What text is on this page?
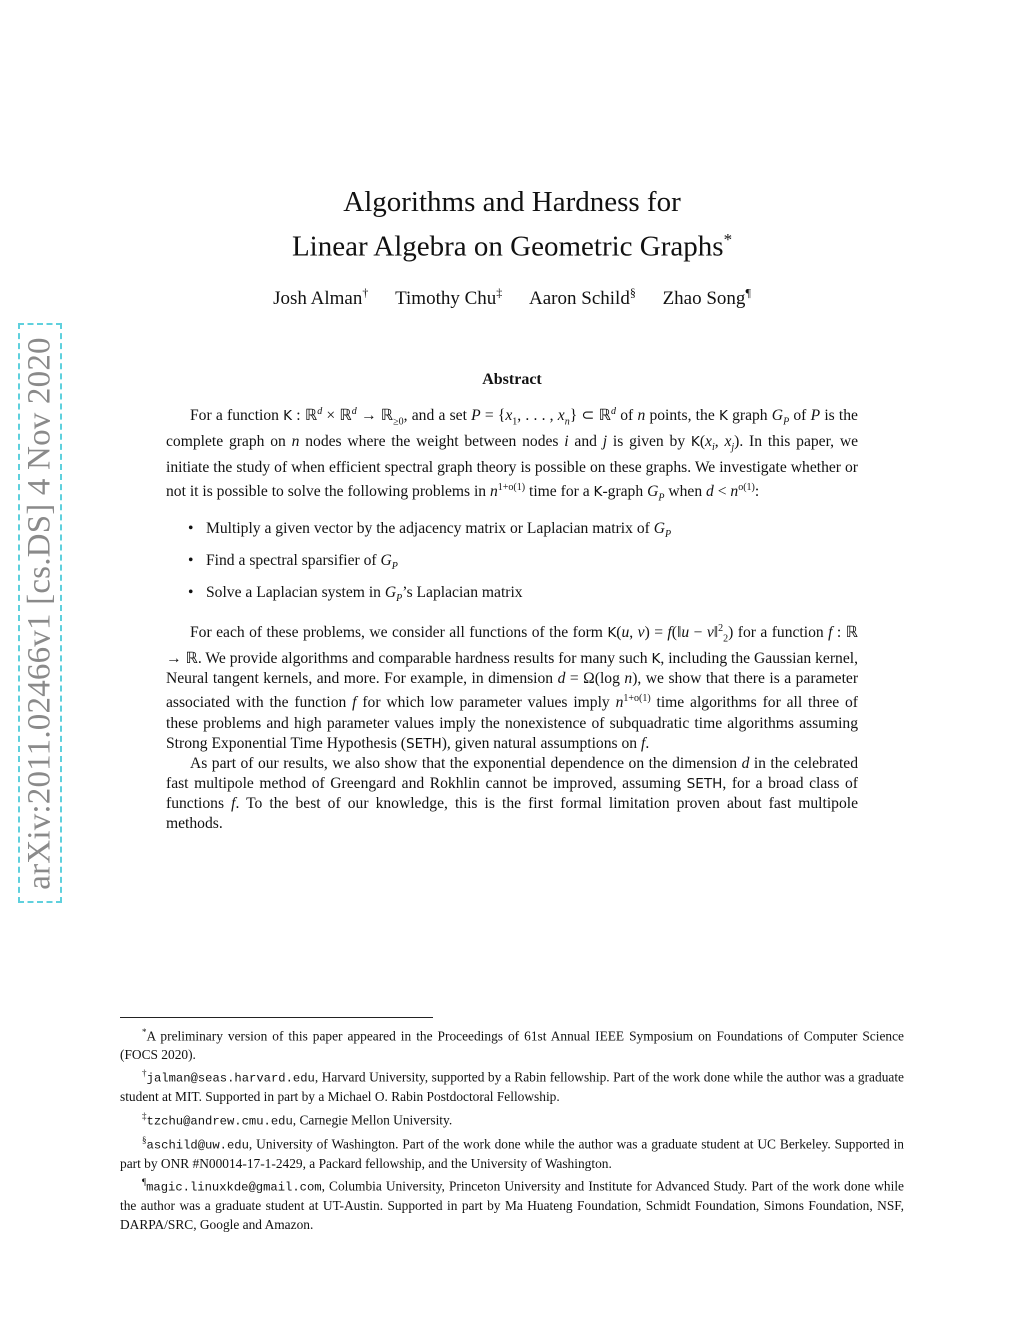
arXiv:2011.02466v1 [cs.DS] 4 Nov 2020
Algorithms and Hardness for
Linear Algebra on Geometric Graphs*
Josh Alman† Timothy Chu‡ Aaron Schild§ Zhao Song¶
Abstract

For a function K : ℝ$^d$ × ℝ$^d$ → ℝ$_{\ge 0}$, and a set $P = \{x_1$, . . . , $x_n$} ⊂ ℝ$^d$ of n points, the K graph $G_P$ of P is the complete graph on n nodes where the weight between nodes i and j is given by $K(x_i$, $x_j$). In this paper, we initiate the study of when efficient spectral graph theory is possible on these graphs. We investigate whether or not it is possible to solve the following problems in $n^{1+o(1)}$ time for a K-graph $G_P$ when $d < n^{o(1)}$:

• Multiply a given vector by the adjacency matrix or Laplacian matrix of $G_P$
• Find a spectral sparsifier of $G_P$
• Solve a Laplacian system in $G_P’s$ Laplacian matrix

For each of these problems, we consider all functions of the form K(u, v) = f(‖u − v‖$^2_2$) for a function f : ℝ → ℝ. We provide algorithms and comparable hardness results for many such K, including the Gaussian kernel, Neural tangent kernels, and more. For example, in dimension d = Ω(log n), we show that there is a parameter associated with the function f for which low parameter values imply $n^{1+o(1)}$ time algorithms for all three of these problems and high parameter values imply the nonexistence of subquadratic time algorithms assuming Strong Exponential Time Hypothesis (SETH), given natural assumptions on f.

As part of our results, we also show that the exponential dependence on the dimension d in the celebrated fast multipole method of Greengard and Rokhlin cannot be improved, assuming SETH, for a broad class of functions f. To the best of our knowledge, this is the first formal limitation proven about fast multipole methods.

*A preliminary version of this paper appeared in the Proceedings of 61st Annual IEEE Symposium on Foundations of Computer Science (FOCS 2020).

†jalman@seas.harvard.edu, Harvard University, supported by a Rabin fellowship. Part of the work done while the author was a graduate student at MIT. Supported in part by a Michael O. Rabin Postdoctoral Fellowship.

‡tzchu@andrew.cmu.edu, Carnegie Mellon University.

§aschild@uw.edu, University of Washington. Part of the work done while the author was a graduate student at UC Berkeley. Supported in part by ONR #N00014-17-1-2429, a Packard fellowship, and the University of Washington.

¶magic.linuxkde@gmail.com, Columbia University, Princeton University and Institute for Advanced Study. Part of the work done while the author was a graduate student at UT-Austin. Supported in part by Ma Huateng Foundation, Schmidt Foundation, Simons Foundation, NSF, DARPA/SRC, Google and Amazon.
